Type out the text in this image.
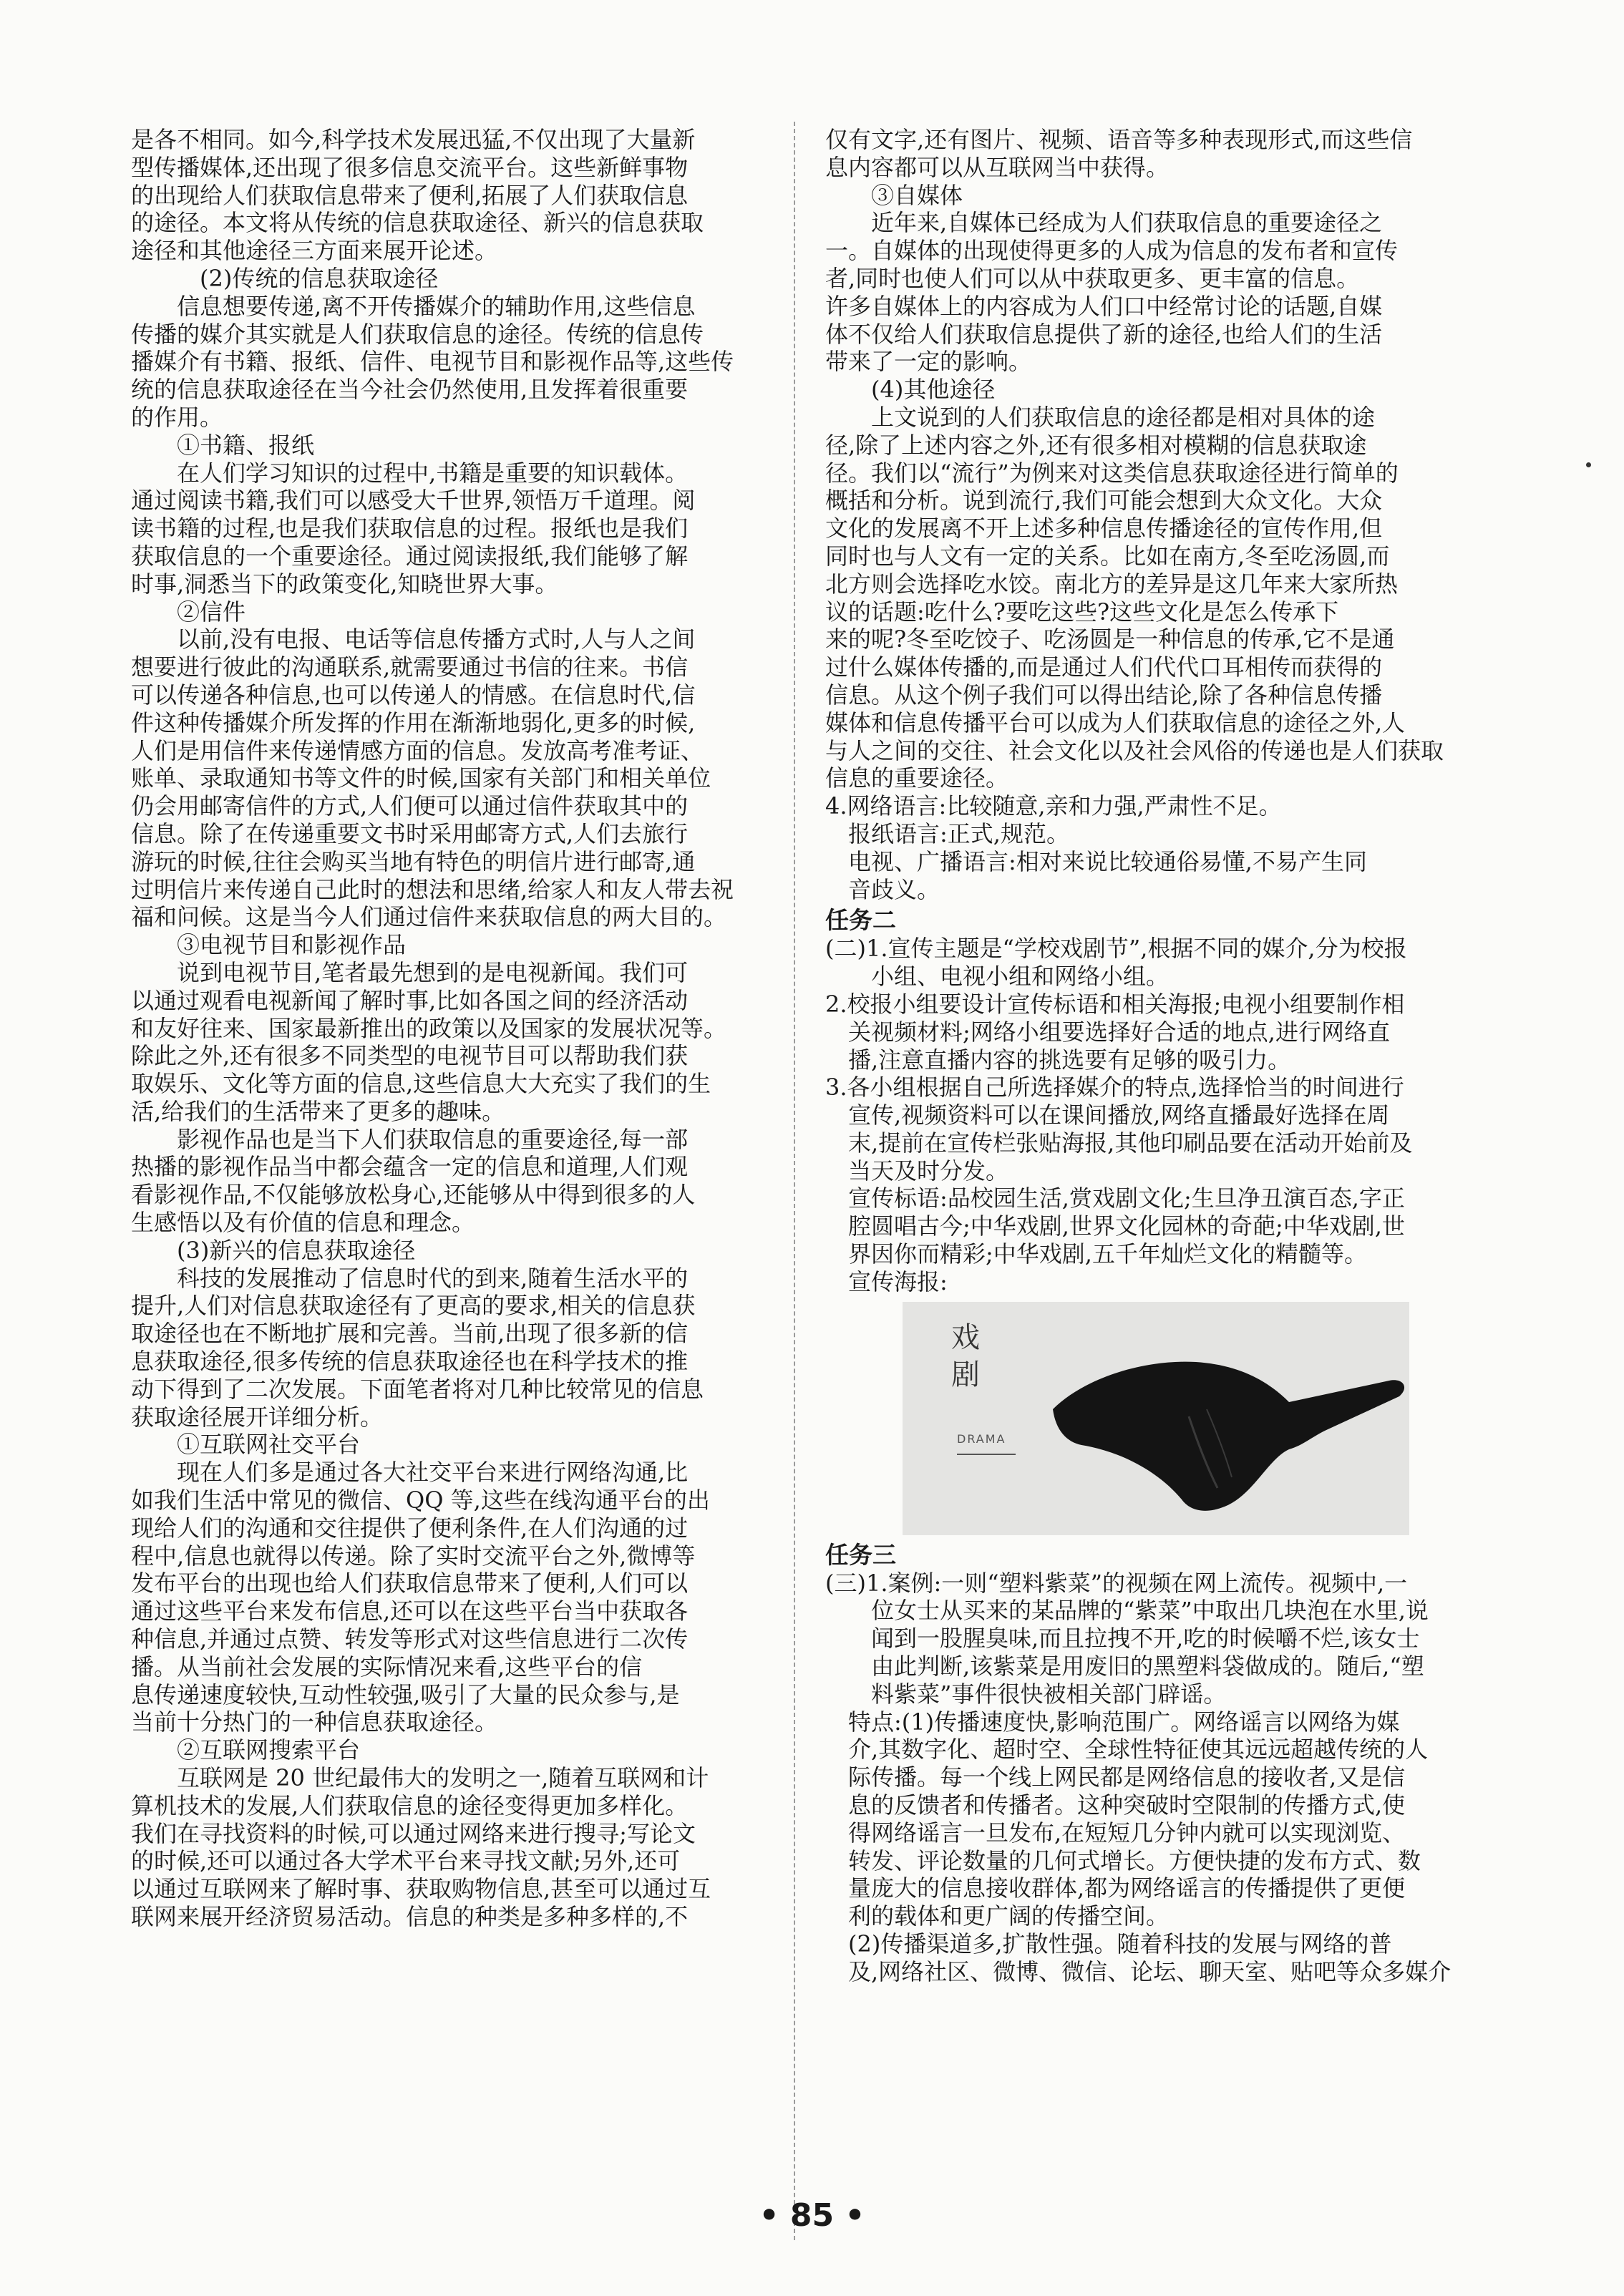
是各不相同。如今,科学技术发展迅猛,不仅出现了大量新
型传播媒体,还出现了很多信息交流平台。这些新鲜事物
的出现给人们获取信息带来了便利,拓展了人们获取信息
的途径。本文将从传统的信息获取途径、新兴的信息获取
途径和其他途径三方面来展开论述。
(2)传统的信息获取途径
信息想要传递,离不开传播媒介的辅助作用,这些信息
传播的媒介其实就是人们获取信息的途径。传统的信息传
播媒介有书籍、报纸、信件、电视节目和影视作品等,这些传
统的信息获取途径在当今社会仍然使用,且发挥着很重要
的作用。
①书籍、报纸
在人们学习知识的过程中,书籍是重要的知识载体。
通过阅读书籍,我们可以感受大千世界,领悟万千道理。阅
读书籍的过程,也是我们获取信息的过程。报纸也是我们
获取信息的一个重要途径。通过阅读报纸,我们能够了解
时事,洞悉当下的政策变化,知晓世界大事。
②信件
以前,没有电报、电话等信息传播方式时,人与人之间
想要进行彼此的沟通联系,就需要通过书信的往来。书信
可以传递各种信息,也可以传递人的情感。在信息时代,信
件这种传播媒介所发挥的作用在渐渐地弱化,更多的时候,
人们是用信件来传递情感方面的信息。发放高考准考证、
账单、录取通知书等文件的时候,国家有关部门和相关单位
仍会用邮寄信件的方式,人们便可以通过信件获取其中的
信息。除了在传递重要文书时采用邮寄方式,人们去旅行
游玩的时候,往往会购买当地有特色的明信片进行邮寄,通
过明信片来传递自己此时的想法和思绪,给家人和友人带去祝
福和问候。这是当今人们通过信件来获取信息的两大目的。
③电视节目和影视作品
说到电视节目,笔者最先想到的是电视新闻。我们可
以通过观看电视新闻了解时事,比如各国之间的经济活动
和友好往来、国家最新推出的政策以及国家的发展状况等。
除此之外,还有很多不同类型的电视节目可以帮助我们获
取娱乐、文化等方面的信息,这些信息大大充实了我们的生
活,给我们的生活带来了更多的趣味。
影视作品也是当下人们获取信息的重要途径,每一部
热播的影视作品当中都会蕴含一定的信息和道理,人们观
看影视作品,不仅能够放松身心,还能够从中得到很多的人
生感悟以及有价值的信息和理念。
(3)新兴的信息获取途径
科技的发展推动了信息时代的到来,随着生活水平的
提升,人们对信息获取途径有了更高的要求,相关的信息获
取途径也在不断地扩展和完善。当前,出现了很多新的信
息获取途径,很多传统的信息获取途径也在科学技术的推
动下得到了二次发展。下面笔者将对几种比较常见的信息
获取途径展开详细分析。
①互联网社交平台
现在人们多是通过各大社交平台来进行网络沟通,比
如我们生活中常见的微信、QQ 等,这些在线沟通平台的出
现给人们的沟通和交往提供了便利条件,在人们沟通的过
程中,信息也就得以传递。除了实时交流平台之外,微博等
发布平台的出现也给人们获取信息带来了便利,人们可以
通过这些平台来发布信息,还可以在这些平台当中获取各
种信息,并通过点赞、转发等形式对这些信息进行二次传
播。从当前社会发展的实际情况来看,这些平台的信
息传递速度较快,互动性较强,吸引了大量的民众参与,是
当前十分热门的一种信息获取途径。
②互联网搜索平台
互联网是 20 世纪最伟大的发明之一,随着互联网和计
算机技术的发展,人们获取信息的途径变得更加多样化。
我们在寻找资料的时候,可以通过网络来进行搜寻;写论文
的时候,还可以通过各大学术平台来寻找文献;另外,还可
以通过互联网来了解时事、获取购物信息,甚至可以通过互
联网来展开经济贸易活动。信息的种类是多种多样的,不
仅有文字,还有图片、视频、语音等多种表现形式,而这些信
息内容都可以从互联网当中获得。
③自媒体
近年来,自媒体已经成为人们获取信息的重要途径之
一。自媒体的出现使得更多的人成为信息的发布者和宣传
者,同时也使人们可以从中获取更多、更丰富的信息。
许多自媒体上的内容成为人们口中经常讨论的话题,自媒
体不仅给人们获取信息提供了新的途径,也给人们的生活
带来了一定的影响。
(4)其他途径
上文说到的人们获取信息的途径都是相对具体的途
径,除了上述内容之外,还有很多相对模糊的信息获取途
径。我们以“流行”为例来对这类信息获取途径进行简单的
概括和分析。说到流行,我们可能会想到大众文化。大众
文化的发展离不开上述多种信息传播途径的宣传作用,但
同时也与人文有一定的关系。比如在南方,冬至吃汤圆,而
北方则会选择吃水饺。南北方的差异是这几年来大家所热
议的话题:吃什么?要吃这些?这些文化是怎么传承下
来的呢?冬至吃饺子、吃汤圆是一种信息的传承,它不是通
过什么媒体传播的,而是通过人们代代口耳相传而获得的
信息。从这个例子我们可以得出结论,除了各种信息传播
媒体和信息传播平台可以成为人们获取信息的途径之外,人
与人之间的交往、社会文化以及社会风俗的传递也是人们获取
信息的重要途径。
4.网络语言:比较随意,亲和力强,严肃性不足。
报纸语言:正式,规范。
电视、广播语言:相对来说比较通俗易懂,不易产生同
音歧义。
任务二
(二)1.宣传主题是“学校戏剧节”,根据不同的媒介,分为校报
小组、电视小组和网络小组。
2.校报小组要设计宣传标语和相关海报;电视小组要制作相
关视频材料;网络小组要选择好合适的地点,进行网络直
播,注意直播内容的挑选要有足够的吸引力。
3.各小组根据自己所选择媒介的特点,选择恰当的时间进行
宣传,视频资料可以在课间播放,网络直播最好选择在周
末,提前在宣传栏张贴海报,其他印刷品要在活动开始前及
当天及时分发。
宣传标语:品校园生活,赏戏剧文化;生旦净丑演百态,字正
腔圆唱古今;中华戏剧,世界文化园林的奇葩;中华戏剧,世
界因你而精彩;中华戏剧,五千年灿烂文化的精髓等。
宣传海报:
戏剧
DRAMA
任务三
(三)1.案例:一则“塑料紫菜”的视频在网上流传。视频中,一
位女士从买来的某品牌的“紫菜”中取出几块泡在水里,说
闻到一股腥臭味,而且拉拽不开,吃的时候嚼不烂,该女士
由此判断,该紫菜是用废旧的黑塑料袋做成的。随后,“塑
料紫菜”事件很快被相关部门辟谣。
特点:(1)传播速度快,影响范围广。网络谣言以网络为媒
介,其数字化、超时空、全球性特征使其远远超越传统的人
际传播。每一个线上网民都是网络信息的接收者,又是信
息的反馈者和传播者。这种突破时空限制的传播方式,使
得网络谣言一旦发布,在短短几分钟内就可以实现浏览、
转发、评论数量的几何式增长。方便快捷的发布方式、数
量庞大的信息接收群体,都为网络谣言的传播提供了更便
利的载体和更广阔的传播空间。
(2)传播渠道多,扩散性强。随着科技的发展与网络的普
及,网络社区、微博、微信、论坛、聊天室、贴吧等众多媒介
• 85 •
